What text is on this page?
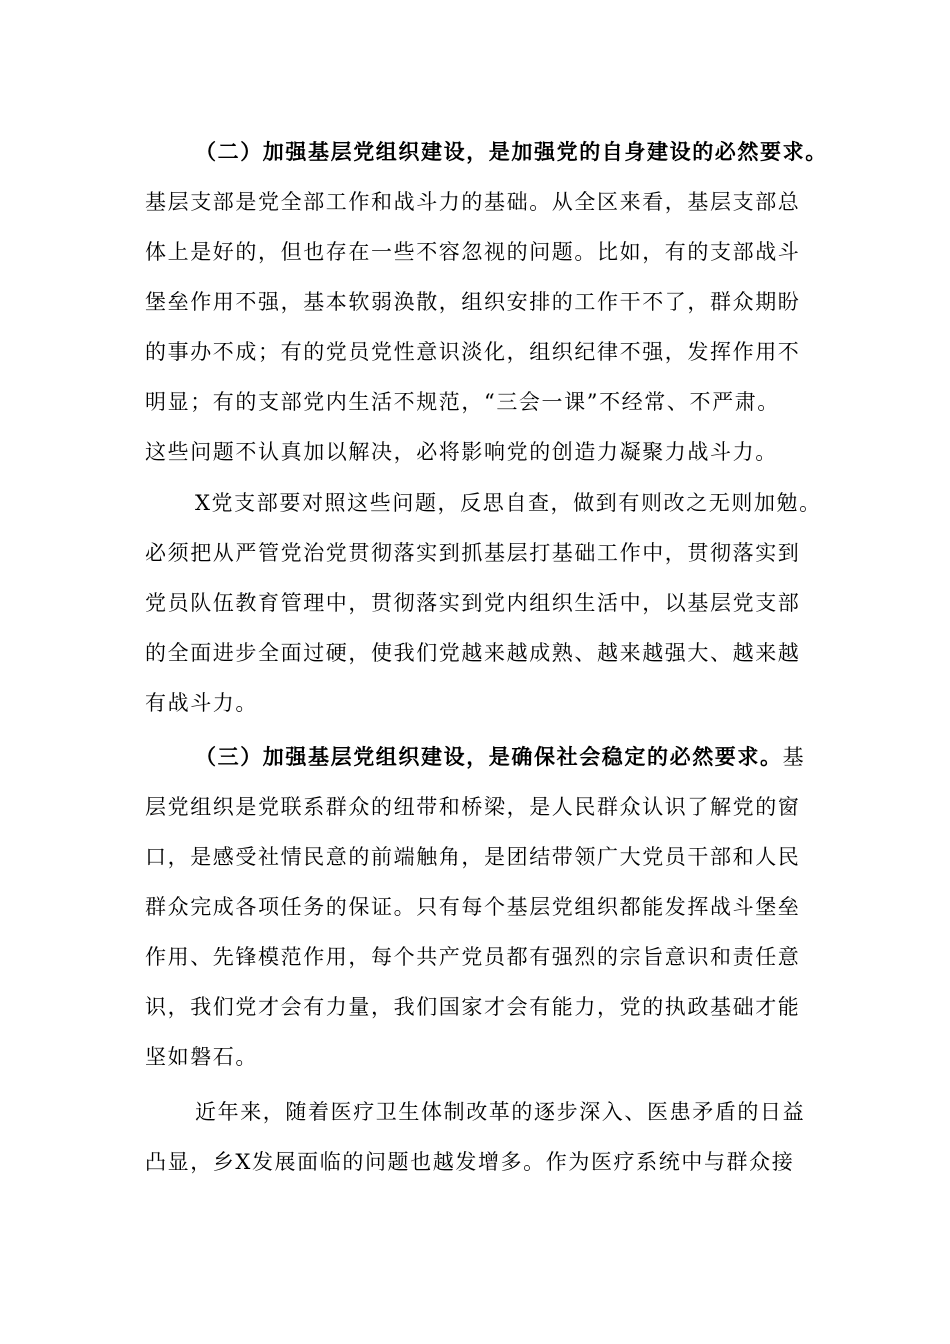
（二）加强基层党组织建设，是加强党的自身建设的必然要求。
基层支部是党全部工作和战斗力的基础。从全区来看，基层支部总
体上是好的，但也存在一些不容忽视的问题。比如，有的支部战斗
堡垒作用不强，基本软弱涣散，组织安排的工作干不了，群众期盼
的事办不成；有的党员党性意识淡化，组织纪律不强，发挥作用不
明显；有的支部党内生活不规范，“三会一课”不经常、不严肃。
这些问题不认真加以解决，必将影响党的创造力凝聚力战斗力。
X党支部要对照这些问题，反思自查，做到有则改之无则加勉。
必须把从严管党治党贯彻落实到抓基层打基础工作中，贯彻落实到
党员队伍教育管理中，贯彻落实到党内组织生活中，以基层党支部
的全面进步全面过硬，使我们党越来越成熟、越来越强大、越来越
有战斗力。
（三）加强基层党组织建设，是确保社会稳定的必然要求。基
层党组织是党联系群众的纽带和桥梁，是人民群众认识了解党的窗
口，是感受社情民意的前端触角，是团结带领广大党员干部和人民
群众完成各项任务的保证。只有每个基层党组织都能发挥战斗堡垒
作用、先锋模范作用，每个共产党员都有强烈的宗旨意识和责任意
识，我们党才会有力量，我们国家才会有能力，党的执政基础才能
坚如磐石。
近年来，随着医疗卫生体制改革的逐步深入、医患矛盾的日益
凸显，乡X发展面临的问题也越发增多。作为医疗系统中与群众接
